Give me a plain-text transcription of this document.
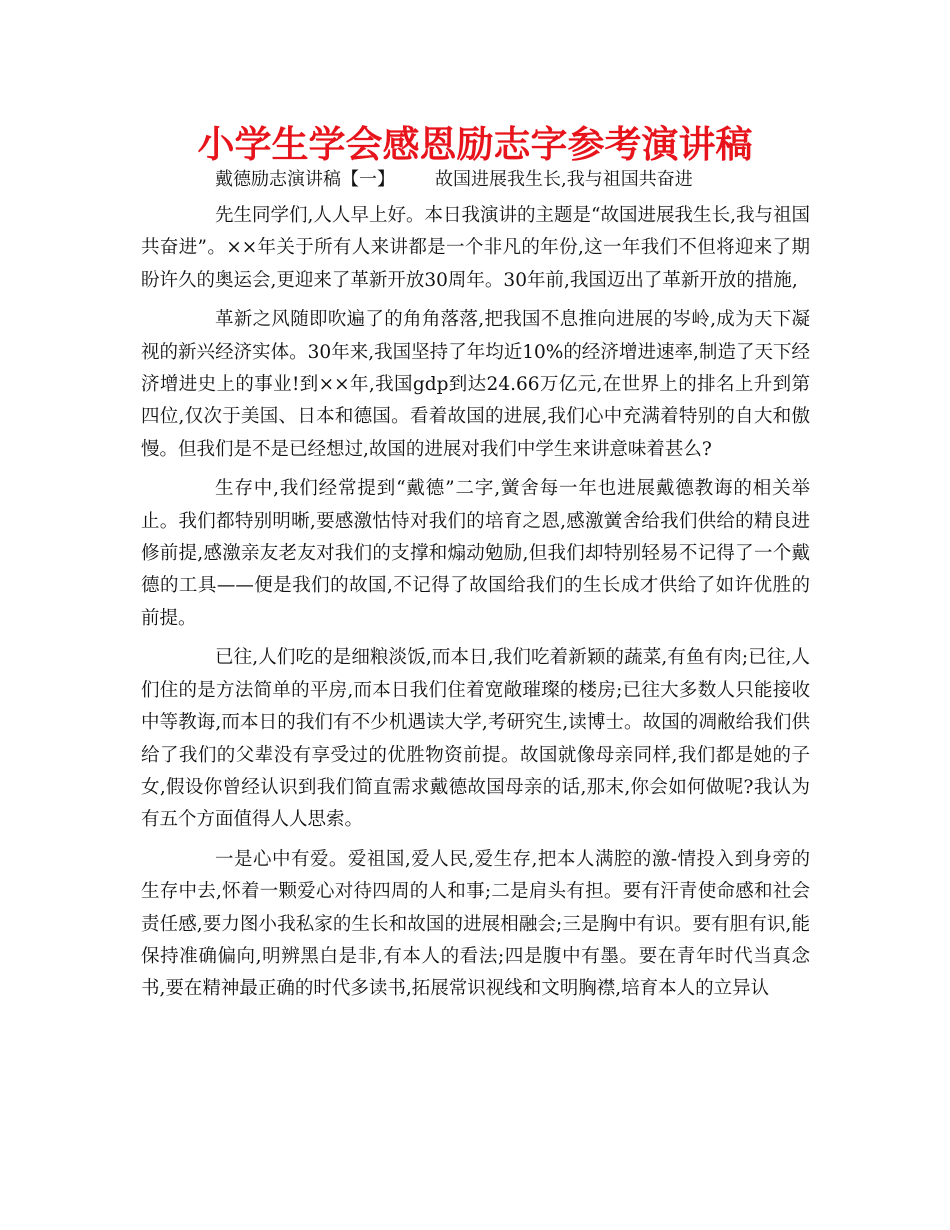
小学生学会感恩励志字参考演讲稿
戴德励志演讲稿【一】 故国进展我生长,我与祖国共奋进

先生同学们,人人早上好。本日我演讲的主题是“故国进展我生长,我与祖国共奋进”。××年关于所有人来讲都是一个非凡的年份,这一年我们不但将迎来了期盼许久的奥运会,更迎来了革新开放30周年。30年前,我国迈出了革新开放的措施,

革新之风随即吹遍了的角角落落,把我国不息推向进展的岑岭,成为天下凝视的新兴经济实体。30年来,我国坚持了年均近10%的经济增进速率,制造了天下经济增进史上的事业!到××年,我国gdp到达24.66万亿元,在世界上的排名上升到第四位,仅次于美国、日本和德国。看着故国的进展,我们心中充满着特别的自大和傲慢。但我们是不是已经想过,故国的进展对我们中学生来讲意味着甚么?

生存中,我们经常提到“戴德”二字,黉舍每一年也进展戴德教诲的相关举止。我们都特别明晰,要感激怙恃对我们的培育之恩,感激黉舍给我们供给的精良进修前提,感激亲友老友对我们的支撑和煽动勉励,但我们却特别轻易不记得了一个戴德的工具——便是我们的故国,不记得了故国给我们的生长成才供给了如许优胜的前提。

已往,人们吃的是细粮淡饭,而本日,我们吃着新颖的蔬菜,有鱼有肉;已往,人们住的是方法简单的平房,而本日我们住着宽敞璀璨的楼房;已往大多数人只能接收中等教诲,而本日的我们有不少机遇读大学,考研究生,读博士。故国的凋敝给我们供给了我们的父辈没有享受过的优胜物资前提。故国就像母亲同样,我们都是她的子女,假设你曾经认识到我们简直需求戴德故国母亲的话,那末,你会如何做呢?我认为有五个方面值得人人思索。

一是心中有爱。爱祖国,爱人民,爱生存,把本人满腔的激-情投入到身旁的生存中去,怀着一颗爱心对待四周的人和事;二是肩头有担。要有汗青使命感和社会责任感,要力图小我私家的生长和故国的进展相融会;三是胸中有识。要有胆有识,能保持准确偏向,明辨黑白是非,有本人的看法;四是腹中有墨。要在青年时代当真念书,要在精神最正确的时代多读书,拓展常识视线和文明胸襟,培育本人的立异认
